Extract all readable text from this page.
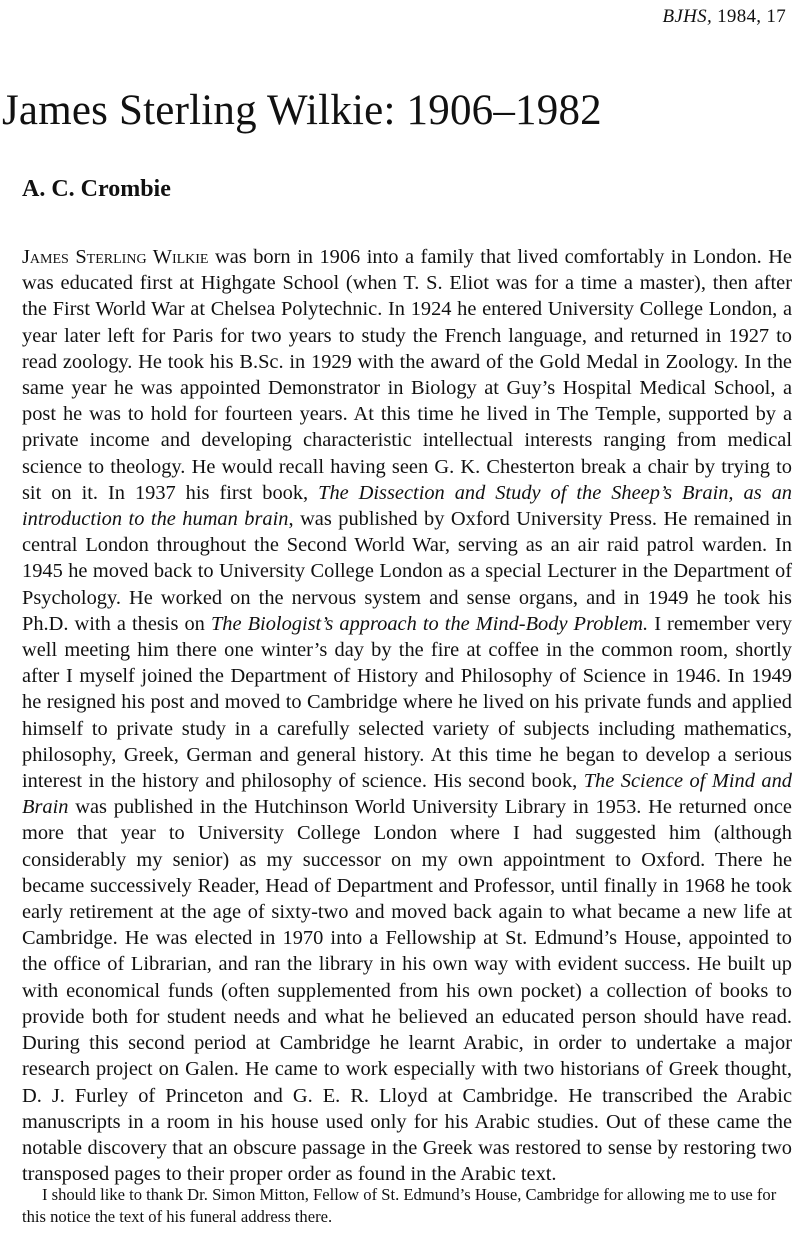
BJHS, 1984, 17
James Sterling Wilkie: 1906–1982
A. C. Crombie

James Sterling Wilkie was born in 1906 into a family that lived comfortably in London. He was educated first at Highgate School (when T. S. Eliot was for a time a master), then after the First World War at Chelsea Polytechnic. In 1924 he entered University College London, a year later left for Paris for two years to study the French language, and returned in 1927 to read zoology. He took his B.Sc. in 1929 with the award of the Gold Medal in Zoology. In the same year he was appointed Demonstrator in Biology at Guy’s Hospital Medical School, a post he was to hold for fourteen years. At this time he lived in The Temple, supported by a private income and developing characteristic intellectual interests ranging from medical science to theology. He would recall having seen G. K. Chesterton break a chair by trying to sit on it. In 1937 his first book, The Dissection and Study of the Sheep’s Brain, as an introduction to the human brain, was published by Oxford University Press. He remained in central London throughout the Second World War, serving as an air raid patrol warden. In 1945 he moved back to University College London as a special Lecturer in the Department of Psychology. He worked on the nervous system and sense organs, and in 1949 he took his Ph.D. with a thesis on The Biologist’s approach to the Mind-Body Problem. I remember very well meeting him there one winter’s day by the fire at coffee in the common room, shortly after I myself joined the Department of History and Philosophy of Science in 1946. In 1949 he resigned his post and moved to Cambridge where he lived on his private funds and applied himself to private study in a carefully selected variety of subjects including mathematics, philosophy, Greek, German and general history. At this time he began to develop a serious interest in the history and philosophy of science. His second book, The Science of Mind and Brain was published in the Hutchinson World University Library in 1953. He returned once more that year to University College London where I had suggested him (although considerably my senior) as my successor on my own appointment to Oxford. There he became successively Reader, Head of Department and Professor, until finally in 1968 he took early retirement at the age of sixty-two and moved back again to what became a new life at Cambridge. He was elected in 1970 into a Fellowship at St. Edmund’s House, appointed to the office of Librarian, and ran the library in his own way with evident success. He built up with economical funds (often supplemented from his own pocket) a collection of books to provide both for student needs and what he believed an educated person should have read. During this second period at Cambridge he learnt Arabic, in order to undertake a major research project on Galen. He came to work especially with two historians of Greek thought, D. J. Furley of Princeton and G. E. R. Lloyd at Cambridge. He transcribed the Arabic manuscripts in a room in his house used only for his Arabic studies. Out of these came the notable discovery that an obscure passage in the Greek was restored to sense by restoring two transposed pages to their proper order as found in the Arabic text.

I should like to thank Dr. Simon Mitton, Fellow of St. Edmund’s House, Cambridge for allowing me to use for this notice the text of his funeral address there.
